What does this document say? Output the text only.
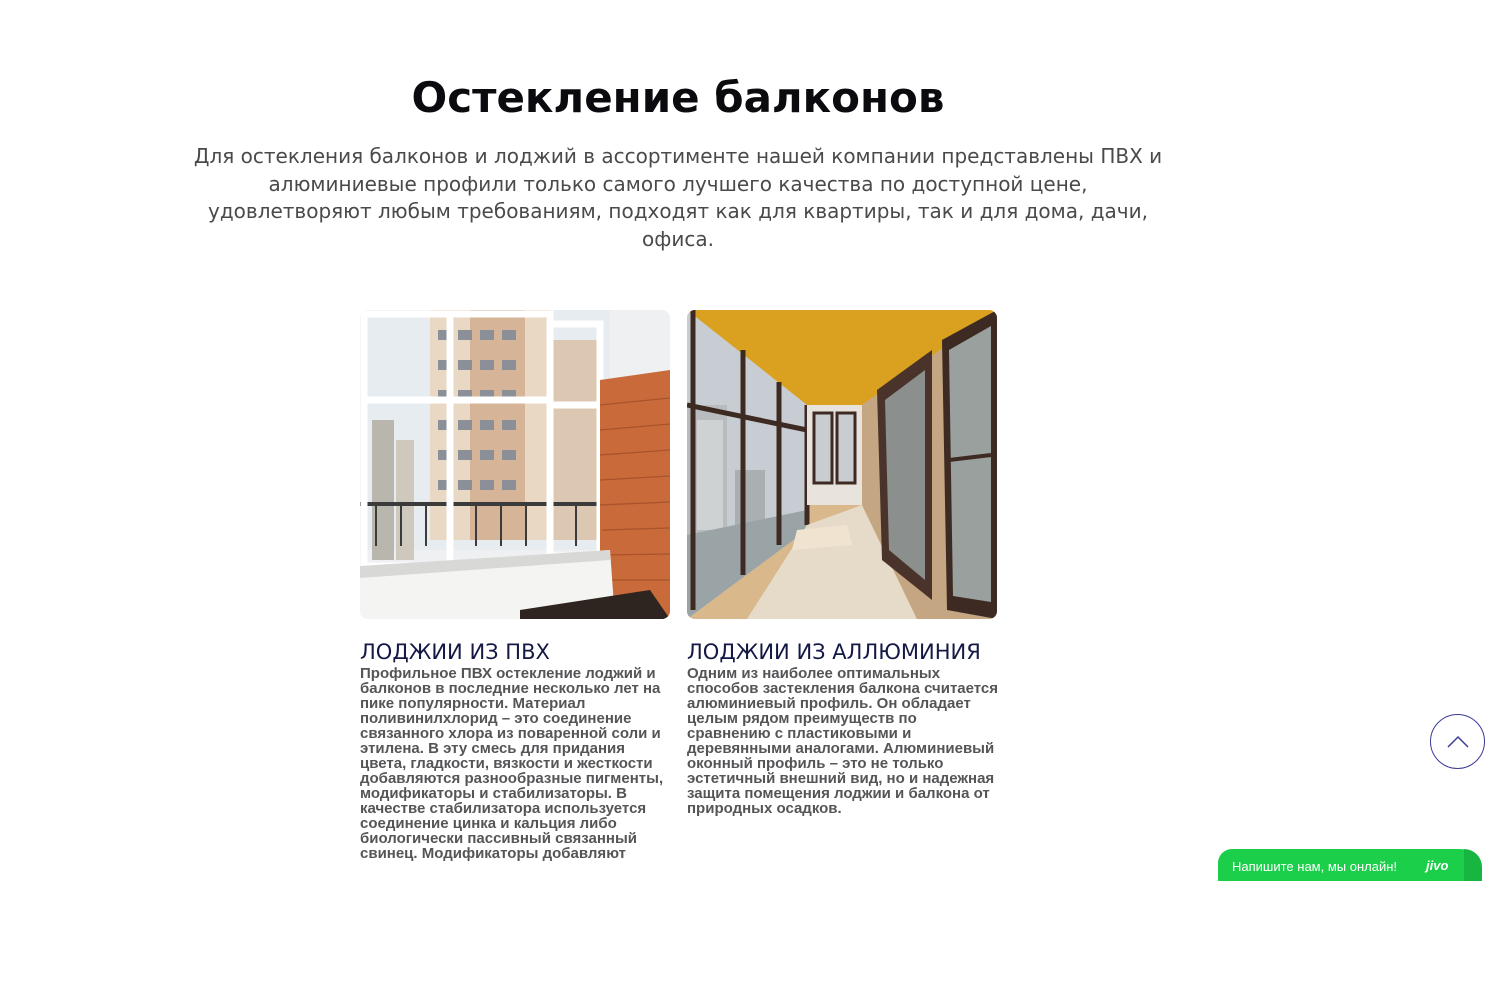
Остекление балконов

Для остекления балконов и лоджий в ассортименте нашей компании представлены ПВХ и алюминиевые профили только самого лучшего качества по доступной цене, удовлетворяют любым требованиям, подходят как для квартиры, так и для дома, дачи, офиса.

ЛОДЖИИ ИЗ ПВХ

Профильное ПВХ остекление лоджий и балконов в последние несколько лет на пике популярности. Материал поливинилхлорид – это соединение связанного хлора из поваренной соли и этилена. В эту смесь для придания цвета, гладкости, вязкости и жесткости добавляются разнообразные пигменты, модификаторы и стабилизаторы. В качестве стабилизатора используется соединение цинка и кальция либо биологически пассивный связанный свинец. Модификаторы добавляют

ЛОДЖИИ ИЗ АЛЛЮМИНИЯ

Одним из наиболее оптимальных способов застекления балкона считается алюминиевый профиль. Он обладает целым рядом преимуществ по сравнению с пластиковыми и деревянными аналогами. Алюминиевый оконный профиль – это не только эстетичный внешний вид, но и надежная защита помещения лоджии и балкона от природных осадков.

Напишите нам, мы онлайн! jivo
